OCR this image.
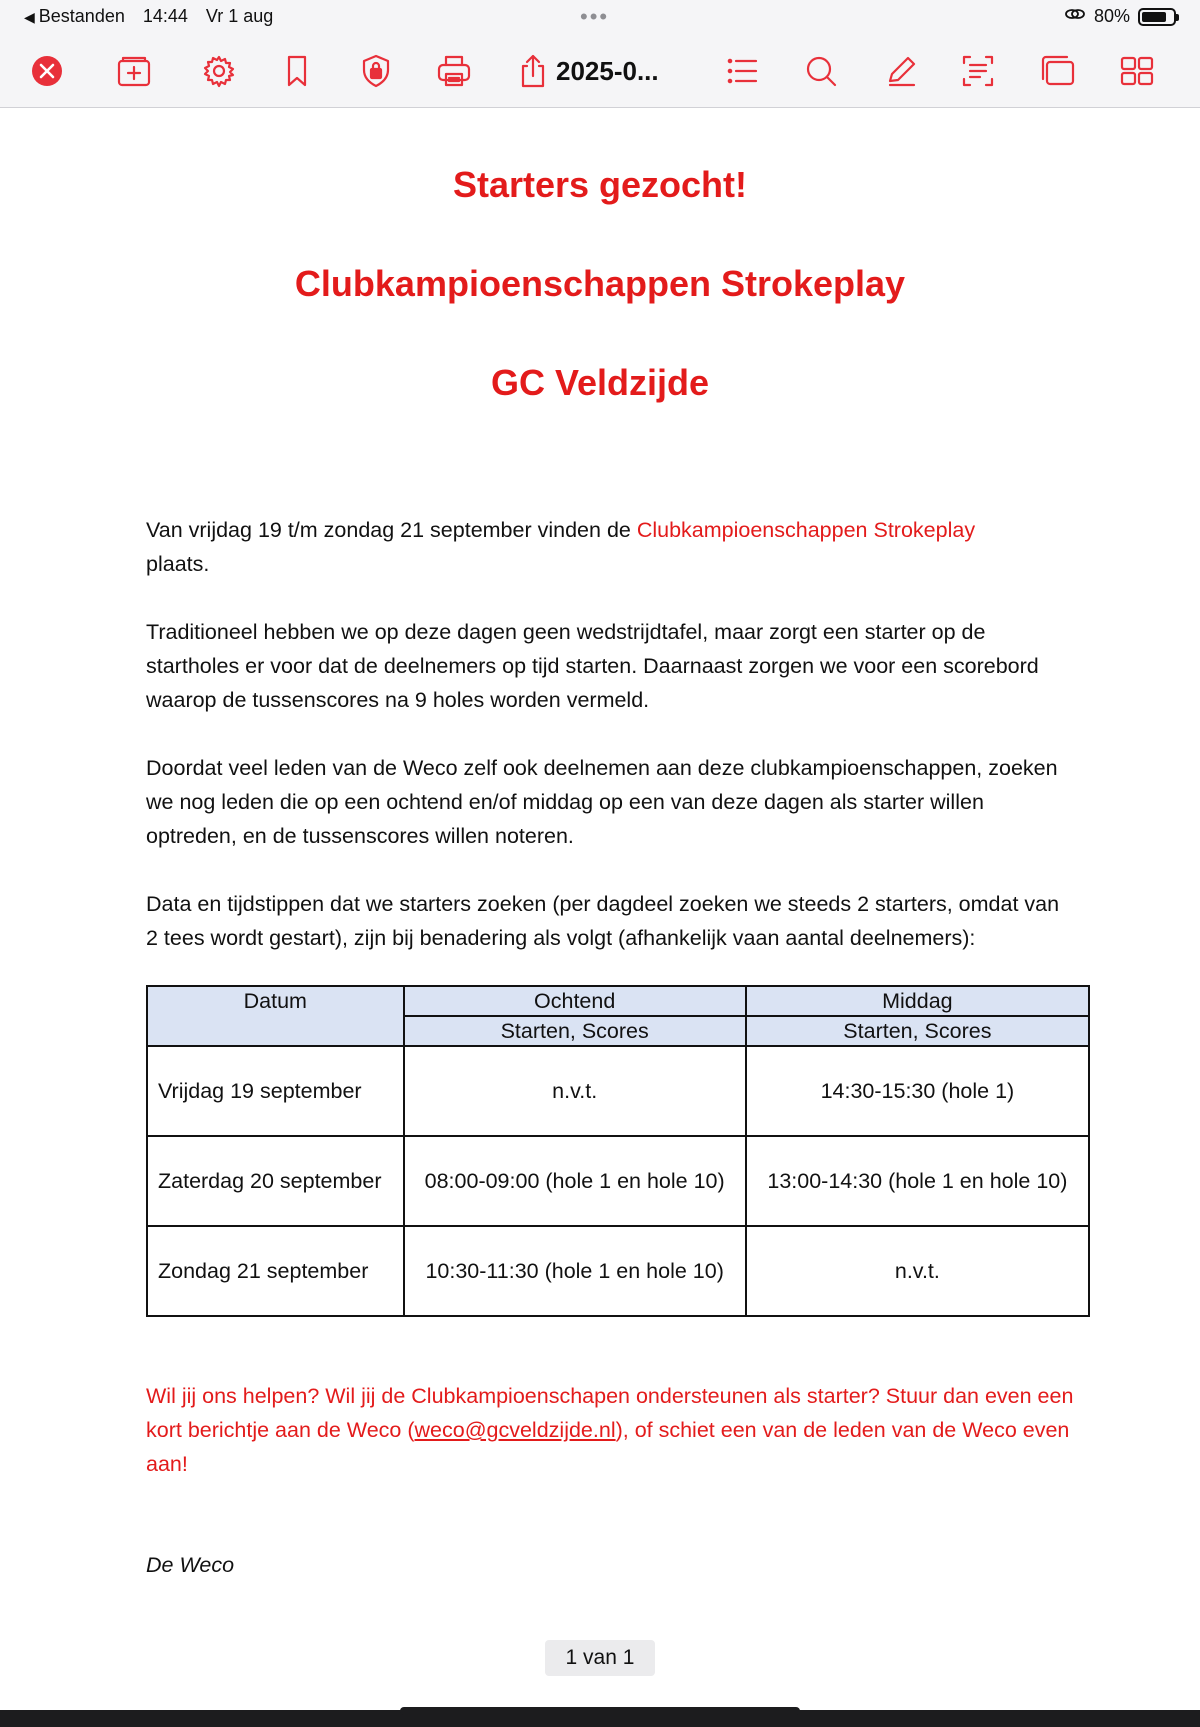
◀ Bestanden 14:44 Vr 1 aug	•••	80%
2025-0...
Starters gezocht!
Clubkampioenschappen Strokeplay
GC Veldzijde
Van vrijdag 19 t/m zondag 21 september vinden de Clubkampioenschappen Strokeplay
plaats.
Traditioneel hebben we op deze dagen geen wedstrijdtafel, maar zorgt een starter op de startholes er voor dat de deelnemers op tijd starten. Daarnaast zorgen we voor een scorebord waarop de tussenscores na 9 holes worden vermeld.
Doordat veel leden van de Weco zelf ook deelnemen aan deze clubkampioenschappen, zoeken we nog leden die op een ochtend en/of middag op een van deze dagen als starter willen optreden, en de tussenscores willen noteren.
Data en tijdstippen dat we starters zoeken (per dagdeel zoeken we steeds 2 starters, omdat van 2 tees wordt gestart), zijn bij benadering als volgt (afhankelijk vaan aantal deelnemers):
Datum	Ochtend	Middag
	Starten, Scores	Starten, Scores
Vrijdag 19 september	n.v.t.	14:30-15:30 (hole 1)
Zaterdag 20 september	08:00-09:00 (hole 1 en hole 10)	13:00-14:30 (hole 1 en hole 10)
Zondag 21 september	10:30-11:30 (hole 1 en hole 10)	n.v.t.
Wil jij ons helpen? Wil jij de Clubkampioenschapen ondersteunen als starter? Stuur dan even een kort berichtje aan de Weco (weco@gcveldzijde.nl), of schiet een van de leden van de Weco even aan!
De Weco
1 van 1
